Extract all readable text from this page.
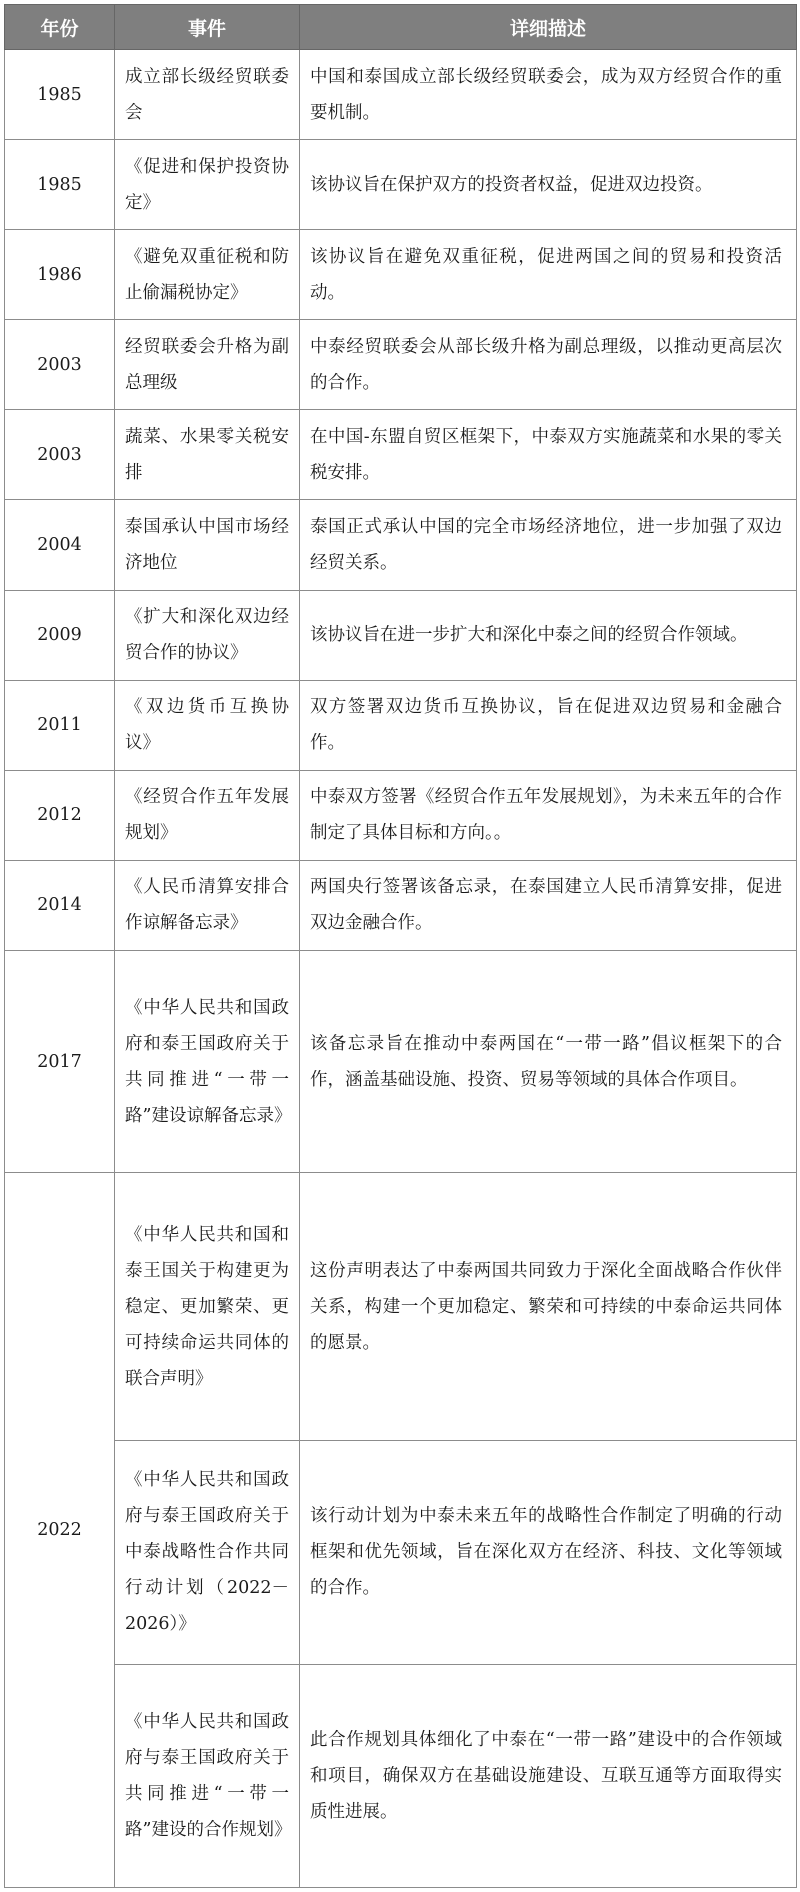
年份	事件	详细描述
1985	成立部长级经贸联委会	中国和泰国成立部长级经贸联委会，成为双方经贸合作的重要机制。
1985	《促进和保护投资协定》	该协议旨在保护双方的投资者权益，促进双边投资。
1986	《避免双重征税和防止偷漏税协定》	该协议旨在避免双重征税，促进两国之间的贸易和投资活动。
2003	经贸联委会升格为副总理级	中泰经贸联委会从部长级升格为副总理级，以推动更高层次的合作。
2003	蔬菜、水果零关税安排	在中国-东盟自贸区框架下，中泰双方实施蔬菜和水果的零关税安排。
2004	泰国承认中国市场经济地位	泰国正式承认中国的完全市场经济地位，进一步加强了双边经贸关系。
2009	《扩大和深化双边经贸合作的协议》	该协议旨在进一步扩大和深化中泰之间的经贸合作领域。
2011	《双边货币互换协议》	双方签署双边货币互换协议，旨在促进双边贸易和金融合作。
2012	《经贸合作五年发展规划》	中泰双方签署《经贸合作五年发展规划》，为未来五年的合作制定了具体目标和方向。。
2014	《人民币清算安排合作谅解备忘录》	两国央行签署该备忘录，在泰国建立人民币清算安排，促进双边金融合作。
2017	《中华人民共和国政府和泰王国政府关于共同推进“一带一路”建设谅解备忘录》	该备忘录旨在推动中泰两国在“一带一路”倡议框架下的合作，涵盖基础设施、投资、贸易等领域的具体合作项目。
2022	《中华人民共和国和泰王国关于构建更为稳定、更加繁荣、更可持续命运共同体的联合声明》	这份声明表达了中泰两国共同致力于深化全面战略合作伙伴关系，构建一个更加稳定、繁荣和可持续的中泰命运共同体的愿景。
	《中华人民共和国政府与泰王国政府关于中泰战略性合作共同行动计划（2022－2026）》	该行动计划为中泰未来五年的战略性合作制定了明确的行动框架和优先领域，旨在深化双方在经济、科技、文化等领域的合作。
	《中华人民共和国政府与泰王国政府关于共同推进“一带一路”建设的合作规划》	此合作规划具体细化了中泰在“一带一路”建设中的合作领域和项目，确保双方在基础设施建设、互联互通等方面取得实质性进展。
